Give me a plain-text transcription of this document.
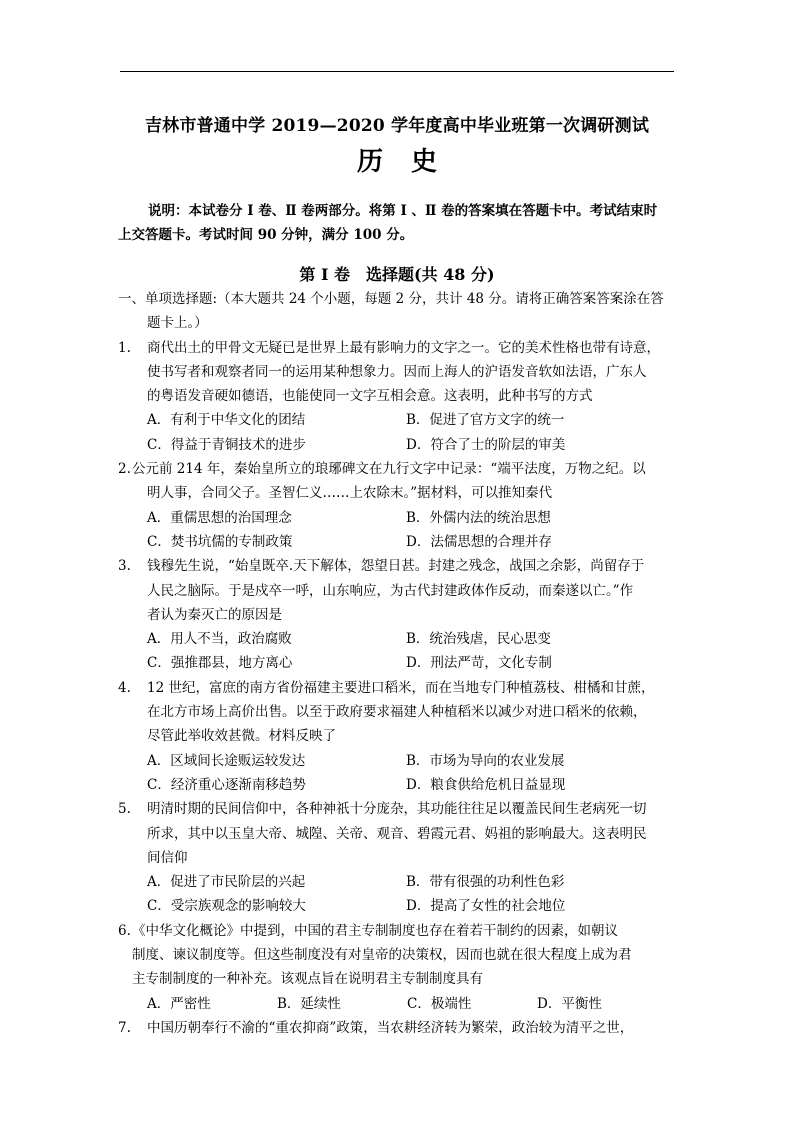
吉林市普通中学 2019—2020 学年度高中毕业班第一次调研测试
历史
说明：本试卷分 Ⅰ 卷、Ⅱ 卷两部分。将第 Ⅰ 、Ⅱ 卷的答案填在答题卡中。考试结束时
上交答题卡。考试时间 90 分钟，满分 100 分。
第 Ⅰ 卷　选择题(共 48 分)
一、单项选择题:（本大题共 24 个小题，每题 2 分，共计 48 分。请将正确答案答案涂在答
题卡上。）
1.	商代出土的甲骨文无疑已是世界上最有影响力的文字之一。它的美术性格也带有诗意，
使书写者和观察者同一的运用某种想象力。因而上海人的沪语发音软如法语，广东人
的粤语发音硬如德语，也能使同一文字互相会意。这表明，此种书写的方式
A．有利于中华文化的团结	B．促进了官方文字的统一
C．得益于青铜技术的进步	D．符合了士的阶层的审美
2. 公元前 214 年，秦始皇所立的琅琊碑文在九行文字中记录：“端平法度，万物之纪。以
明人事，合同父子。圣智仁义……上农除末。”据材料，可以推知秦代
A．重儒思想的治国理念	B．外儒内法的统治思想
C．焚书坑儒的专制政策	D．法儒思想的合理并存
3.	钱穆先生说，“始皇既卒.天下解体，怨望日甚。封建之残念，战国之余影，尚留存于
人民之脑际。于是戍卒一呼，山东响应，为古代封建政体作反动，而秦遂以亡。”作
者认为秦灭亡的原因是
A．用人不当，政治腐败	B．统治残虐，民心思变
C．强推郡县，地方离心	D．刑法严苛，文化专制
4.	12 世纪，富庶的南方省份福建主要进口稻米，而在当地专门种植荔枝、柑橘和甘蔗，
在北方市场上高价出售。以至于政府要求福建人种植稻米以减少对进口稻米的依赖，
尽管此举收效甚微。材料反映了
A．区域间长途贩运较发达	B．市场为导向的农业发展
C．经济重心逐渐南移趋势	D．粮食供给危机日益显现
5.	明清时期的民间信仰中，各种神祇十分庞杂，其功能往往足以覆盖民间生老病死一切
所求，其中以玉皇大帝、城隍、关帝、观音、碧霞元君、妈祖的影响最大。这表明民
间信仰
A．促进了市民阶层的兴起	B．带有很强的功利性色彩
C．受宗族观念的影响较大	D．提高了女性的社会地位
6. 《中华文化概论》中提到，中国的君主专制制度也存在着若干制约的因素，如朝议
制度、谏议制度等。但这些制度没有对皇帝的决策权，因而也就在很大程度上成为君
主专制制度的一种补充。该观点旨在说明君主专制制度具有
A．严密性	B．延续性	C．极端性	D．平衡性
7.	中国历朝奉行不渝的“重农抑商”政策，当农耕经济转为繁荣，政治较为清平之世，
